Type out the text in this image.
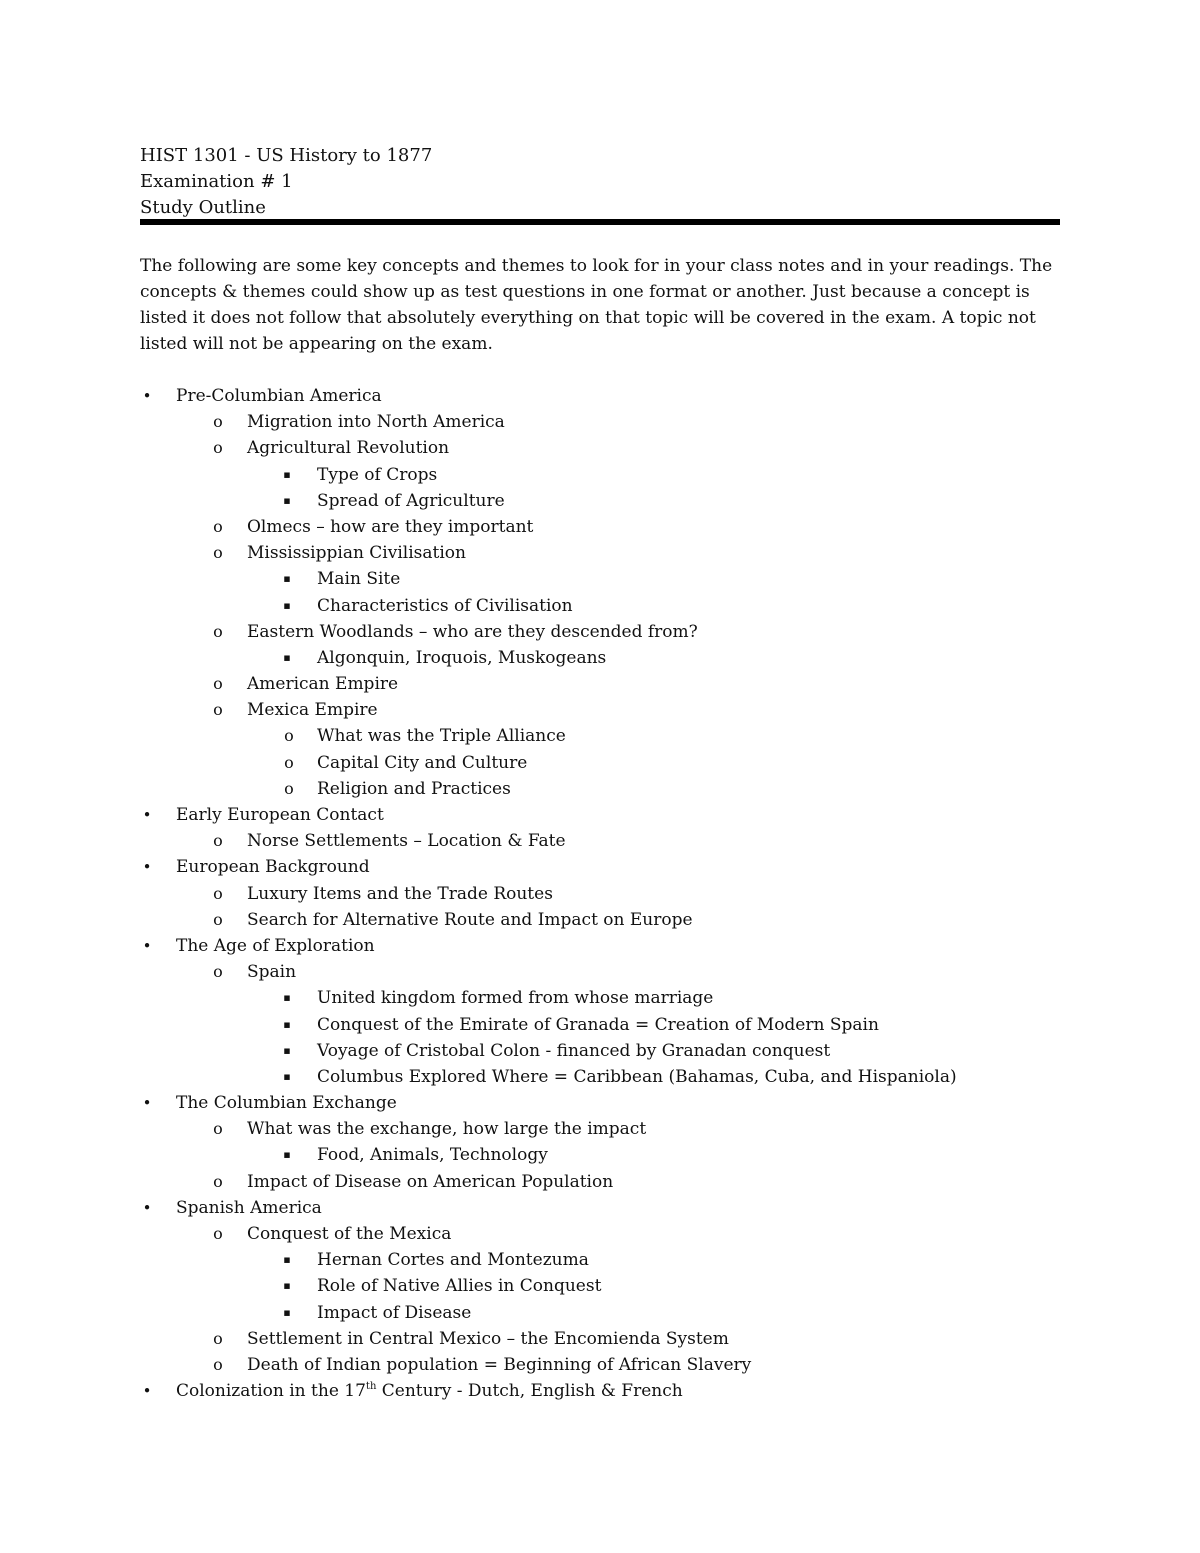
HIST 1301 - US History to 1877
Examination # 1
Study Outline
The following are some key concepts and themes to look for in your class notes and in your readings. The
concepts & themes could show up as test questions in one format or another. Just because a concept is
listed it does not follow that absolutely everything on that topic will be covered in the exam. A topic not
listed will not be appearing on the exam.
•	Pre-Columbian America
o	Migration into North America
o	Agricultural Revolution
▪	Type of Crops
▪	Spread of Agriculture
o	Olmecs – how are they important
o	Mississippian Civilisation
▪	Main Site
▪	Characteristics of Civilisation
o	Eastern Woodlands – who are they descended from?
▪	Algonquin, Iroquois, Muskogeans
o	American Empire
o	Mexica Empire
o	What was the Triple Alliance
o	Capital City and Culture
o	Religion and Practices
•	Early European Contact
o	Norse Settlements – Location & Fate
•	European Background
o	Luxury Items and the Trade Routes
o	Search for Alternative Route and Impact on Europe
•	The Age of Exploration
o	Spain
▪	United kingdom formed from whose marriage
▪	Conquest of the Emirate of Granada = Creation of Modern Spain
▪	Voyage of Cristobal Colon - financed by Granadan conquest
▪	Columbus Explored Where = Caribbean (Bahamas, Cuba, and Hispaniola)
•	The Columbian Exchange
o	What was the exchange, how large the impact
▪	Food, Animals, Technology
o	Impact of Disease on American Population
•	Spanish America
o	Conquest of the Mexica
▪	Hernan Cortes and Montezuma
▪	Role of Native Allies in Conquest
▪	Impact of Disease
o	Settlement in Central Mexico – the Encomienda System
o	Death of Indian population = Beginning of African Slavery
•	Colonization in the 17th Century - Dutch, English & French
